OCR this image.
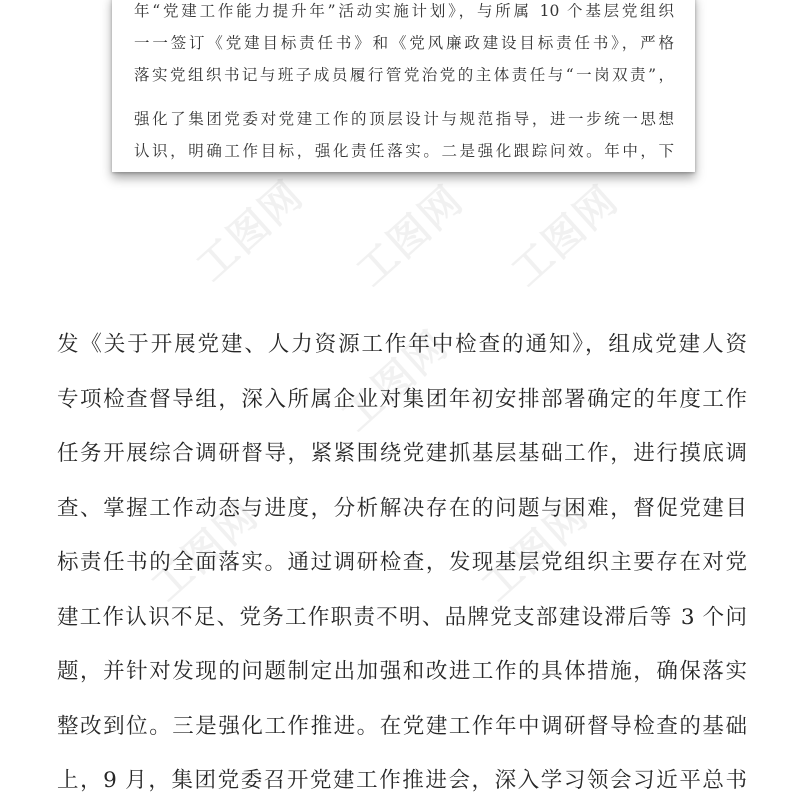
工图网 工图网 工图网
工图网
工图网	工图网
年“党建工作能力提升年”活动实施计划》，与所属 10 个基层党组织
一一签订《党建目标责任书》和《党风廉政建设目标责任书》，严格
落实党组织书记与班子成员履行管党治党的主体责任与“一岗双责”，
强化了集团党委对党建工作的顶层设计与规范指导，进一步统一思想
认识，明确工作目标，强化责任落实。二是强化跟踪问效。年中，下
发《关于开展党建、人力资源工作年中检查的通知》，组成党建人资
专项检查督导组，深入所属企业对集团年初安排部署确定的年度工作
任务开展综合调研督导，紧紧围绕党建抓基层基础工作，进行摸底调
查、掌握工作动态与进度，分析解决存在的问题与困难，督促党建目
标责任书的全面落实。通过调研检查，发现基层党组织主要存在对党
建工作认识不足、党务工作职责不明、品牌党支部建设滞后等 3 个问
题，并针对发现的问题制定出加强和改进工作的具体措施，确保落实
整改到位。三是强化工作推进。在党建工作年中调研督导检查的基础
上，9 月，集团党委召开党建工作推进会，深入学习领会习近平总书
